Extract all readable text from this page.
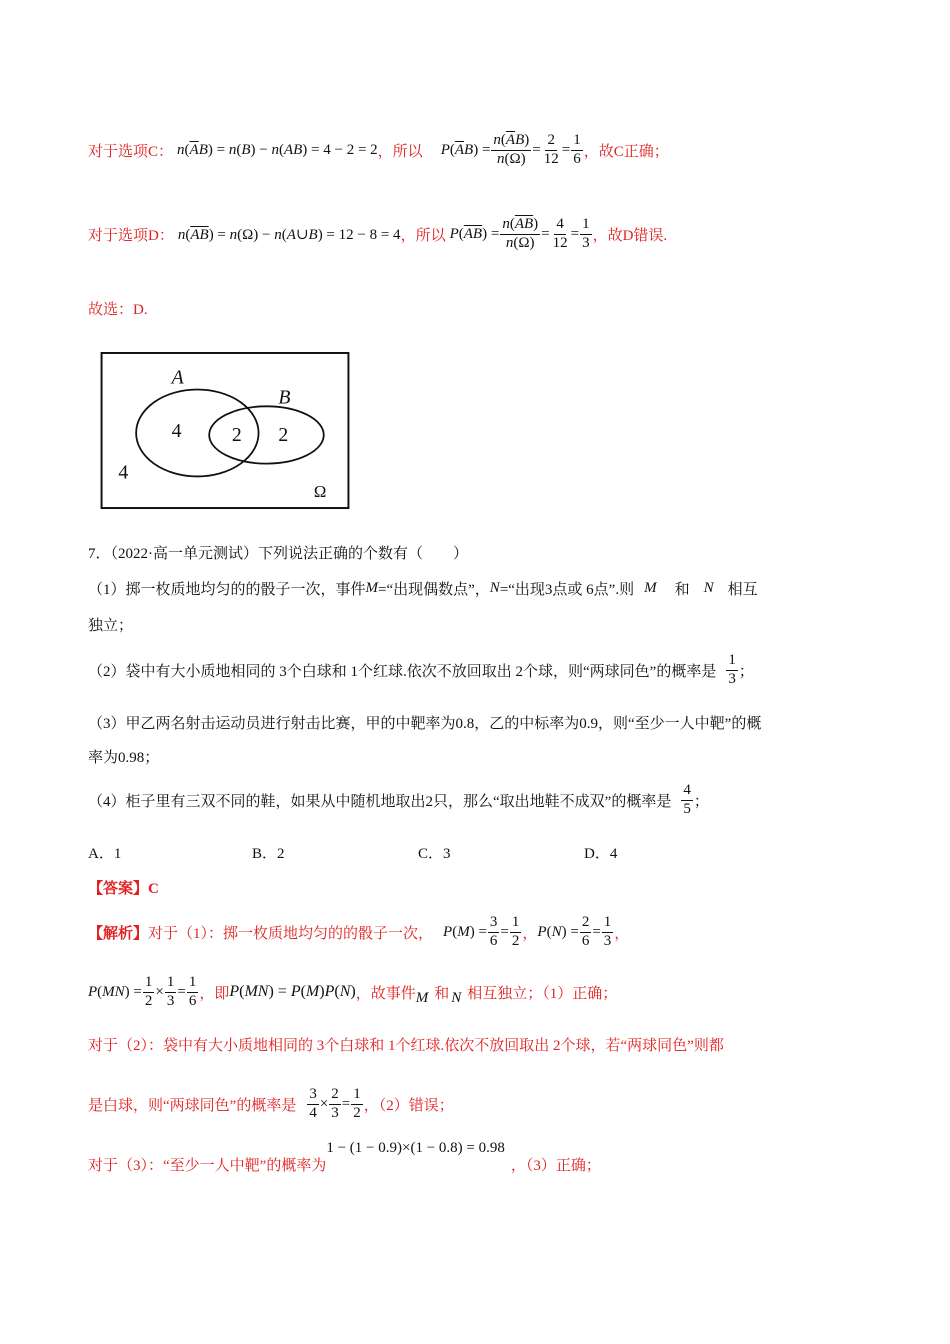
对于选项C： $n(\overline{A}B) = n(B) - n(AB) = 4 - 2 = 2$ ，所以 $P(\overline{A}B) = \frac{n(\overline{A}B)}{n(\Omega)} = \frac{2}{12} = \frac{1}{6}$ ，故C正确；
对于选项D： $n(\overline{A}\overline{B}) = n(\Omega)$ − n(A∪B) = 12 − 8 = 4 ，所以 $P(\overline{A}\overline{B}) = \frac{n(\overline{A}\overline{B})}{n(\Omega)} = \frac{4}{12} = \frac{1}{3}$ ，故D错误.
故选：D.
A
B
4	2 2
4
Ω
7．（2022·高一单元测试）下列说法正确的个数有（　　）
（1）掷一枚质地均匀的的骰子一次，事件 M =“出现偶数点”， N =“出现3点或 6点”.则 M 和 N 相互
独立；
（2）袋中有大小质地相同的 3个白球和 1个红球.依次不放回取出 2个球，则“两球同色”的概率是 $\frac{1}{3}$ ；
（3）甲乙两名射击运动员进行射击比赛，甲的中靶率为0.8，乙的中标率为0.9，则“至少一人中靶”的概
率为0.98；
（4）柜子里有三双不同的鞋，如果从中随机地取出2只，那么“取出地鞋不成双”的概率是 $\frac{4}{5}$ ；
A．1	B．2	C．3	D．4
【答案】C
【解析】 对于（1）：掷一枚质地均匀的的骰子一次， $P(M) = \frac{3}{6} = \frac{1}{2}$ ， $P(N) = \frac{2}{6} = \frac{1}{3}$ ，
$P(MN) = \frac{1}{2} \times \frac{1}{3} = \frac{1}{6}$ ，即 P(MN) = P(M)P(N) ，故事件 M 和 N 相互独立；（1）正确；
对于（2）：袋中有大小质地相同的 3个白球和 1个红球.依次不放回取出 2个球，若“两球同色”则都
是白球，则“两球同色”的概率是 $\frac{3}{4} \times \frac{2}{3} = \frac{1}{2}$ ，（2）错误；
对于（3）：“至少一人中靶”的概率为
1 − (1 − 0.9)×(1 − 0.8) = 0.98
，（3）正确；
